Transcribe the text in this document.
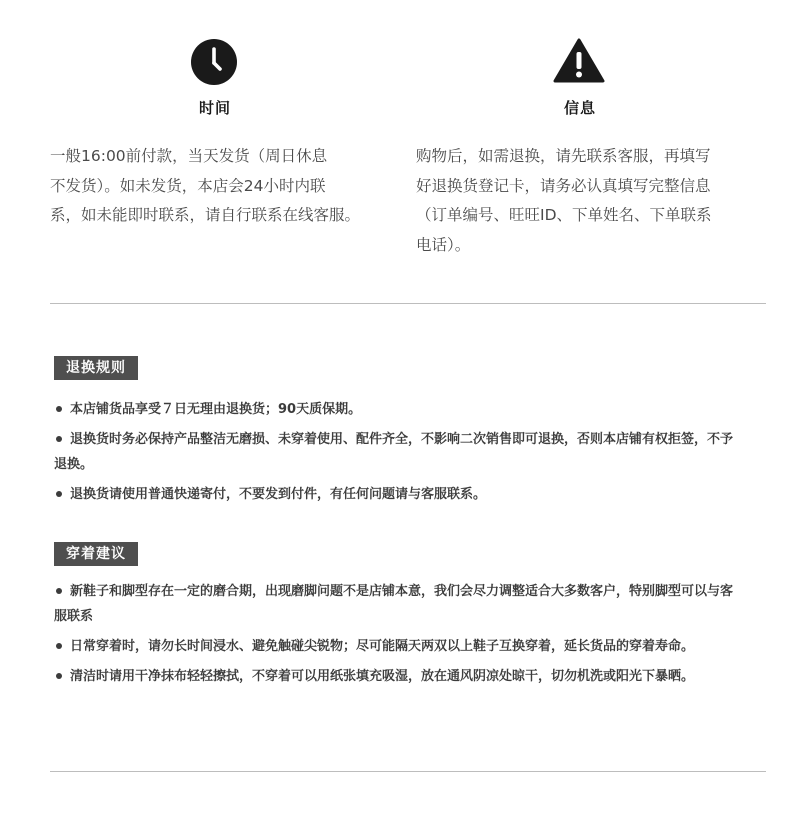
时间
一般16:00前付款，当天发货（周日休息
不发货）。如未发货，本店会24小时内联
系，如未能即时联系，请自行联系在线客服。
信息
购物后，如需退换，请先联系客服，再填写
好退换货登记卡，请务必认真填写完整信息
（订单编号、旺旺ID、下单姓名、下单联系
电话）。
退换规则
本店铺货品享受７日无理由退换货；90天质保期。
退换货时务必保持产品整洁无磨损、未穿着使用、配件齐全，不影响二次销售即可退换，否则本店铺有权拒签，不予退换。
退换货请使用普通快递寄付，不要发到付件，有任何问题请与客服联系。
穿着建议
新鞋子和脚型存在一定的磨合期，出现磨脚问题不是店铺本意，我们会尽力调整适合大多数客户，特别脚型可以与客服联系
日常穿着时，请勿长时间浸水、避免触碰尖锐物；尽可能隔天两双以上鞋子互换穿着，延长货品的穿着寿命。
清洁时请用干净抹布轻轻擦拭，不穿着可以用纸张填充吸湿，放在通风阴凉处晾干，切勿机洗或阳光下暴晒。
